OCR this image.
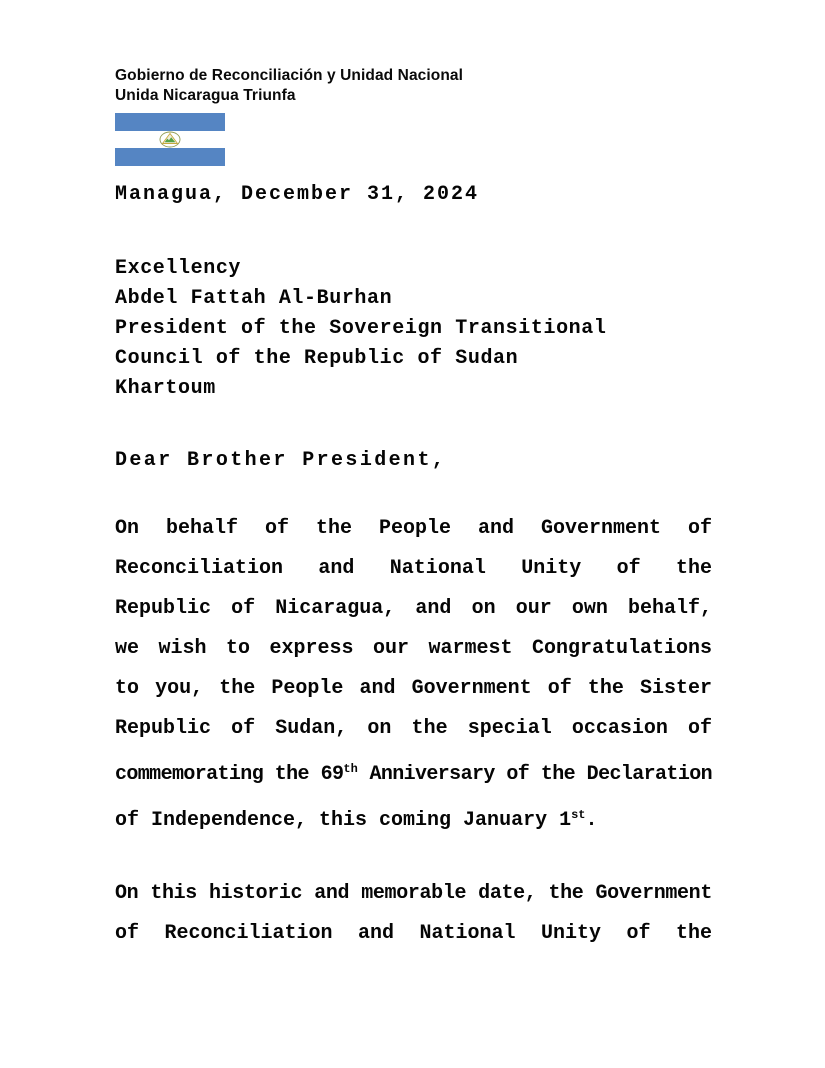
Gobierno de Reconciliación y Unidad Nacional
Unida Nicaragua Triunfa
Managua, December 31, 2024
Excellency
Abdel Fattah Al-Burhan
President of the Sovereign Transitional
Council of the Republic of Sudan
Khartoum
Dear Brother President,
On behalf of the People and Government of
Reconciliation and National Unity of the
Republic of Nicaragua, and on our own behalf,
we wish to express our warmest Congratulations
to you, the People and Government of the Sister
Republic of Sudan, on the special occasion of
commemorating the 69th Anniversary of the Declaration
of Independence, this coming January 1st.
On this historic and memorable date, the Government
of Reconciliation and National Unity of the
